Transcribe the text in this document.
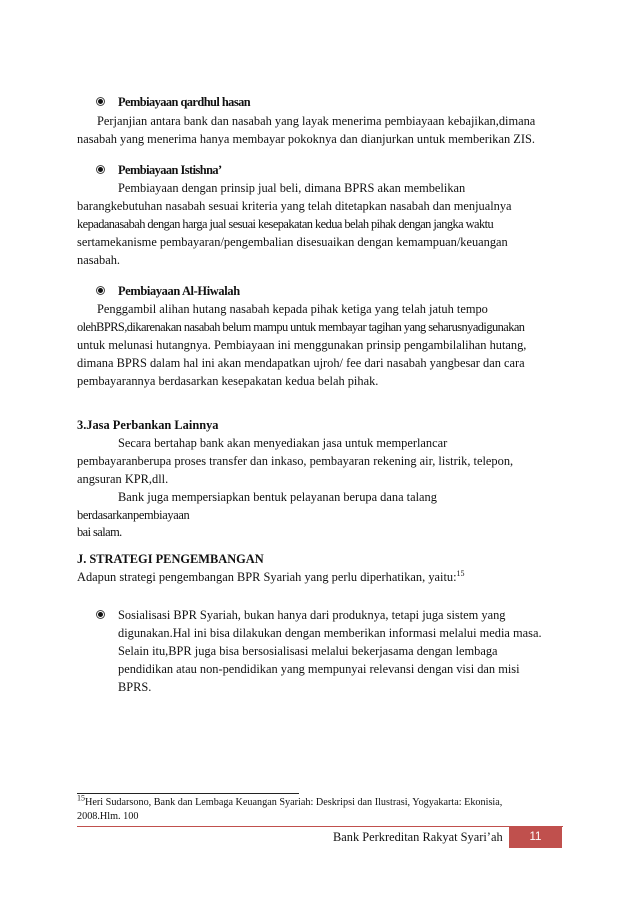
Pembiayaan qardhul hasan
Perjanjian antara bank dan nasabah yang layak menerima pembiayaan kebajikan,dimana
nasabah yang menerima hanya membayar pokoknya dan dianjurkan untuk memberikan ZIS.
Pembiayaan Istishna’
Pembiayaan dengan prinsip jual beli, dimana BPRS akan membelikan
barangkebutuhan nasabah sesuai kriteria yang telah ditetapkan nasabah dan menjualnya
kepadanasabah dengan harga jual sesuai kesepakatan kedua belah pihak dengan jangka waktu
sertamekanisme pembayaran/pengembalian disesuaikan dengan kemampuan/keuangan
nasabah.
Pembiayaan Al-Hiwalah
Penggambil alihan hutang nasabah kepada pihak ketiga yang telah jatuh tempo
olehBPRS,dikarenakan nasabah belum mampu untuk membayar tagihan yang seharusnyadigunakan
untuk melunasi hutangnya. Pembiayaan ini menggunakan prinsip pengambilalihan hutang,
dimana BPRS dalam hal ini akan mendapatkan ujroh/ fee dari nasabah yangbesar dan cara
pembayarannya berdasarkan kesepakatan kedua belah pihak.
3.Jasa Perbankan Lainnya
Secara bertahap bank akan menyediakan jasa untuk memperlancar
pembayaranberupa proses transfer dan inkaso, pembayaran rekening air, listrik, telepon,
angsuran KPR,dll.
Bank juga mempersiapkan bentuk pelayanan berupa dana talang
berdasarkanpembiayaan
bai salam.
J. STRATEGI PENGEMBANGAN
Adapun strategi pengembangan BPR Syariah yang perlu diperhatikan, yaitu:$^{15}$
Sosialisasi BPR Syariah, bukan hanya dari produknya, tetapi juga sistem yang
digunakan.Hal ini bisa dilakukan dengan memberikan informasi melalui media masa.
Selain itu,BPR juga bisa bersosialisasi melalui bekerjasama dengan lembaga
pendidikan atau non-pendidikan yang mempunyai relevansi dengan visi dan misi
BPRS.
$^{15}$Heri Sudarsono, Bank dan Lembaga Keuangan Syariah: Deskripsi dan Ilustrasi, Yogyakarta: Ekonisia,
2008.Hlm. 100
Bank Perkreditan Rakyat Syari’ah	11
